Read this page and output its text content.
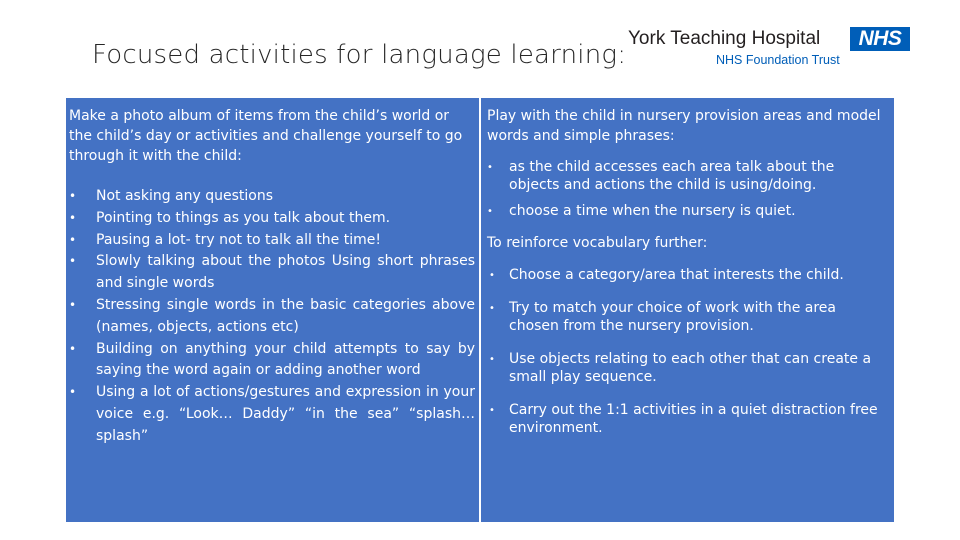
Focused activities for language learning:
York Teaching Hospital	NHS
NHS Foundation Trust

Make a photo album of items from the child’s world or the child’s day or activities and challenge yourself to go through it with the child:

• Not asking any questions
• Pointing to things as you talk about them.
• Pausing a lot- try not to talk all the time!
• Slowly talking about the photos Using short phrases and single words
• Stressing single words in the basic categories above (names, objects, actions etc)
• Building on anything your child attempts to say by saying the word again or adding another word
• Using a lot of actions/gestures and expression in your voice e.g. “Look… Daddy” “in the sea” “splash…splash”

Play with the child in nursery provision areas and model words and simple phrases:

• as the child accesses each area talk about the objects and actions the child is using/doing.
• choose a time when the nursery is quiet.

To reinforce vocabulary further:

• Choose a category/area that interests the child.
• Try to match your choice of work with the area chosen from the nursery provision.
• Use objects relating to each other that can create a small play sequence.
• Carry out the 1:1 activities in a quiet distraction free environment.
